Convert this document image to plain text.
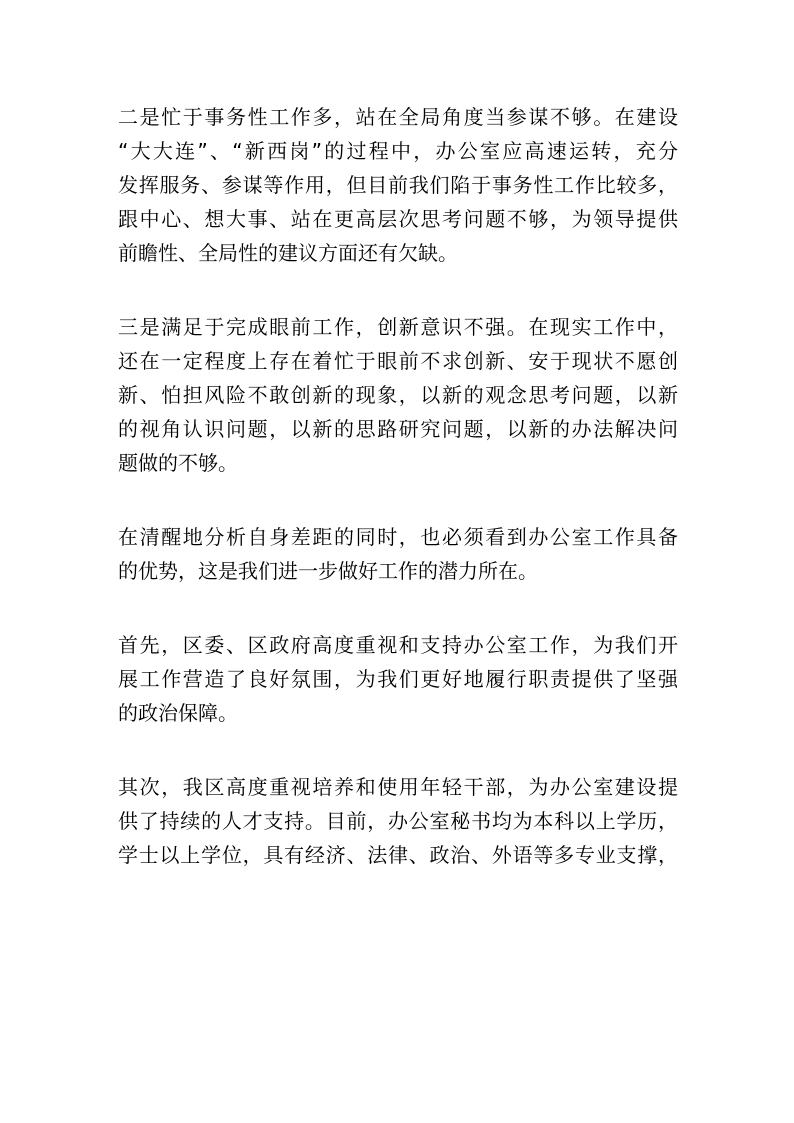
二是忙于事务性工作多，站在全局角度当参谋不够。在建设
“大大连”、“新西岗”的过程中，办公室应高速运转，充分
发挥服务、参谋等作用，但目前我们陷于事务性工作比较多，
跟中心、想大事、站在更高层次思考问题不够，为领导提供
前瞻性、全局性的建议方面还有欠缺。

三是满足于完成眼前工作，创新意识不强。在现实工作中，
还在一定程度上存在着忙于眼前不求创新、安于现状不愿创
新、怕担风险不敢创新的现象，以新的观念思考问题，以新
的视角认识问题，以新的思路研究问题，以新的办法解决问
题做的不够。

在清醒地分析自身差距的同时，也必须看到办公室工作具备
的优势，这是我们进一步做好工作的潜力所在。

首先，区委、区政府高度重视和支持办公室工作，为我们开
展工作营造了良好氛围，为我们更好地履行职责提供了坚强
的政治保障。

其次，我区高度重视培养和使用年轻干部，为办公室建设提
供了持续的人才支持。目前，办公室秘书均为本科以上学历，
学士以上学位，具有经济、法律、政治、外语等多专业支撑，
